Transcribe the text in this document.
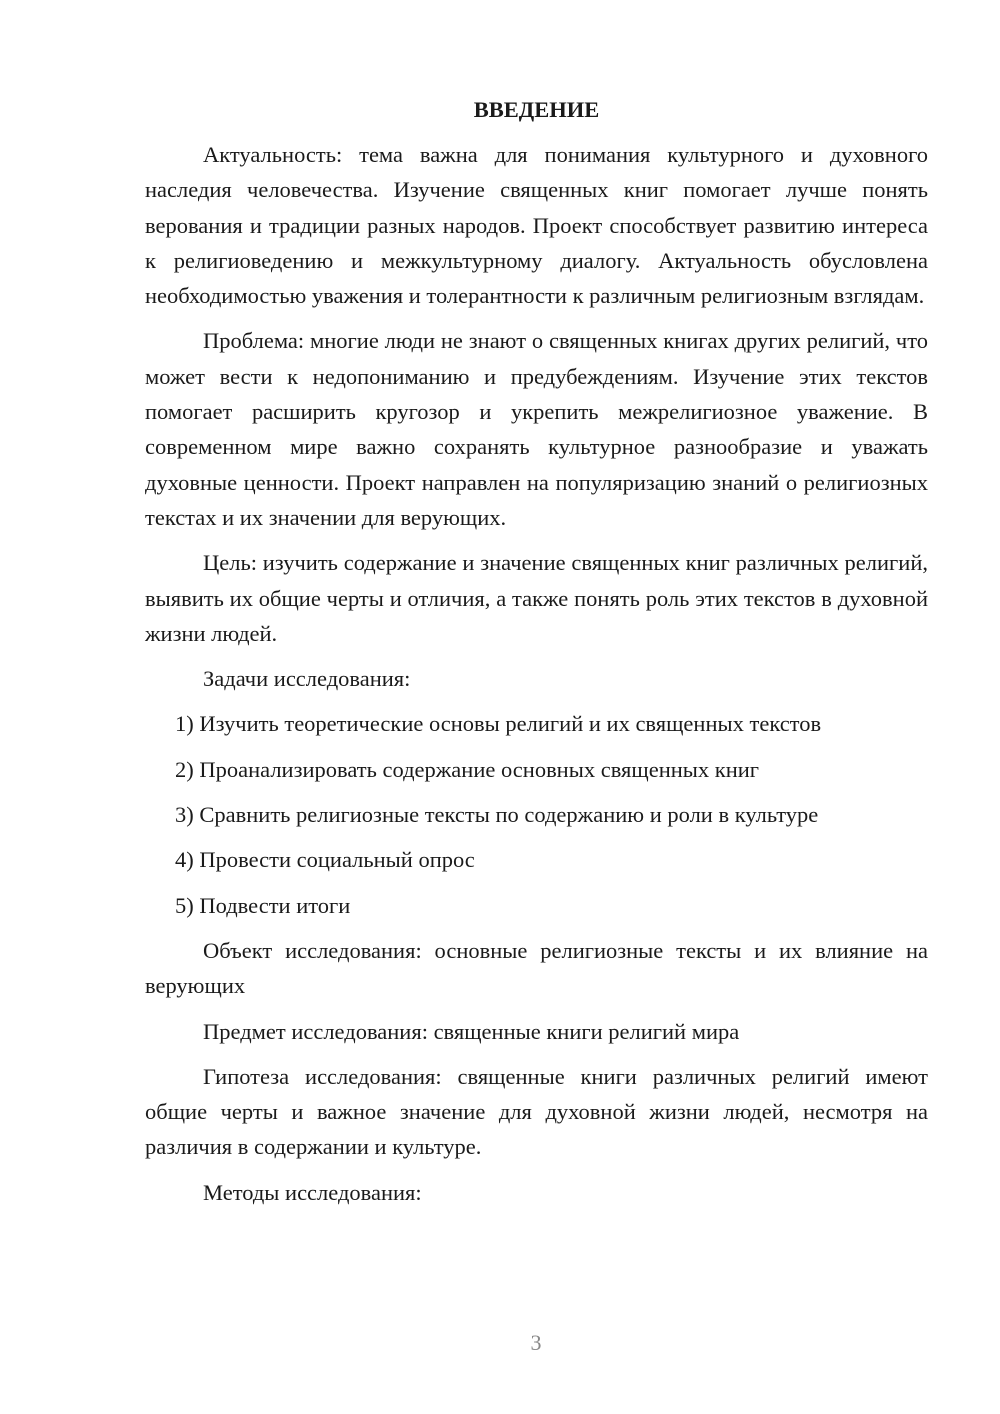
ВВЕДЕНИЕ

Актуальность: тема важна для понимания культурного и духовного наследия человечества. Изучение священных книг помогает лучше понять верования и традиции разных народов. Проект способствует развитию интереса к религиоведению и межкультурному диалогу. Актуальность обусловлена необходимостью уважения и толерантности к различным религиозным взглядам.

Проблема: многие люди не знают о священных книгах других религий, что может вести к недопониманию и предубеждениям. Изучение этих текстов помогает расширить кругозор и укрепить межрелигиозное уважение. В современном мире важно сохранять культурное разнообразие и уважать духовные ценности. Проект направлен на популяризацию знаний о религиозных текстах и их значении для верующих.

Цель: изучить содержание и значение священных книг различных религий, выявить их общие черты и отличия, а также понять роль этих текстов в духовной жизни людей.

Задачи исследования:

1) Изучить теоретические основы религий и их священных текстов

2) Проанализировать содержание основных священных книг

3) Сравнить религиозные тексты по содержанию и роли в культуре

4) Провести социальный опрос

5) Подвести итоги

Объект исследования: основные религиозные тексты и их влияние на верующих

Предмет исследования: священные книги религий мира

Гипотеза исследования: священные книги различных религий имеют общие черты и важное значение для духовной жизни людей, несмотря на различия в содержании и культуре.

Методы исследования:

3
